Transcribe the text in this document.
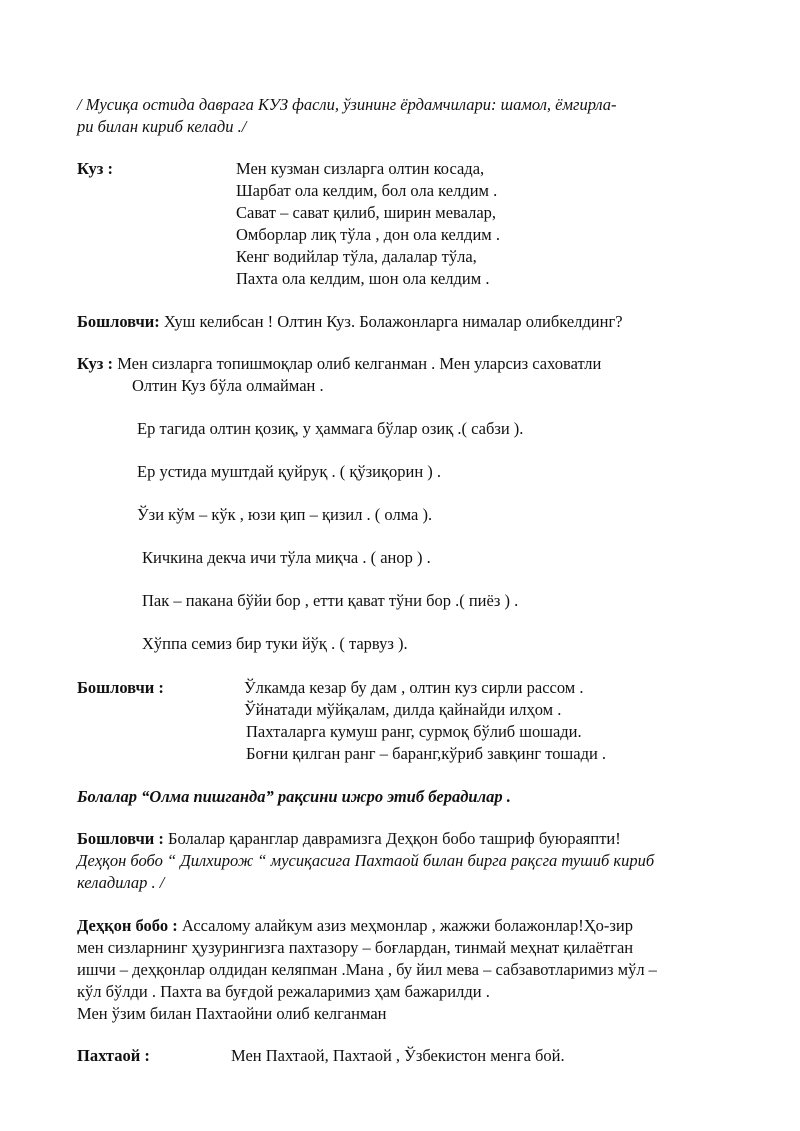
/ Мусиқа остида даврага КУЗ фасли, ўзининг ёрдамчилари: шамол, ёмгирла-
ри билан кириб келади ./
Куз :	Мен кузман сизларга олтин косада,
Шарбат ола келдим, бол ола келдим .
Сават – сават қилиб, ширин мевалар,
Омборлар лиқ тўла , дон ола келдим .
Кенг водийлар тўла, далалар тўла,
Пахта ола келдим, шон ола келдим .
Бошловчи: Хуш келибсан ! Олтин Куз. Болажонларга нималар олибкелдинг?
Куз : Мен сизларга топишмоқлар олиб келганман . Мен уларсиз саховатли
Олтин Куз бўла олмайман .
Ер тагида олтин қозиқ, у ҳаммага бўлар озиқ .( сабзи ).
Ер устида муштдай қуйруқ . ( қўзиқорин ) .
Ўзи кўм – кўк , юзи қип – қизил . ( олма ).
Кичкина декча ичи тўла миқча . ( анор ) .
Пак – пакана бўйи бор , етти қават тўни бор .( пиёз ) .
Хўппа семиз бир туки йўқ . ( тарвуз ).
Бошловчи :	Ўлкамда кезар бу дам , олтин куз сирли рассом .
Ўйнатади мўйқалам, дилда қайнайди илҳом .
Пахталарга кумуш ранг, сурмоқ бўлиб шошади.
Боғни қилган ранг – баранг,кўриб завқинг тошади .
Болалар “Олма пишганда” рақсини ижро этиб берадилар .
Бошловчи : Болалар қаранглар даврамизга Деҳқон бобо ташриф буюраяпти!
Деҳқон бобо “ Дилхирож “ мусиқасига Пахтаой билан бирга рақсга тушиб кириб
келадилар . /
Деҳқон бобо : Ассалому алайкум азиз меҳмонлар , жажжи болажонлар!Ҳо-зир
мен сизларнинг ҳузурингизга пахтазору – боғлардан, тинмай меҳнат қилаётган
ишчи – деҳқонлар олдидан келяпман .Мана , бу йил мева – сабзавотларимиз мўл –
кўл бўлди . Пахта ва буғдой режаларимиз ҳам бажарилди .
Мен ўзим билан Пахтаойни олиб келганман
Пахтаой :	Мен Пахтаой, Пахтаой , Ўзбекистон менга бой.
